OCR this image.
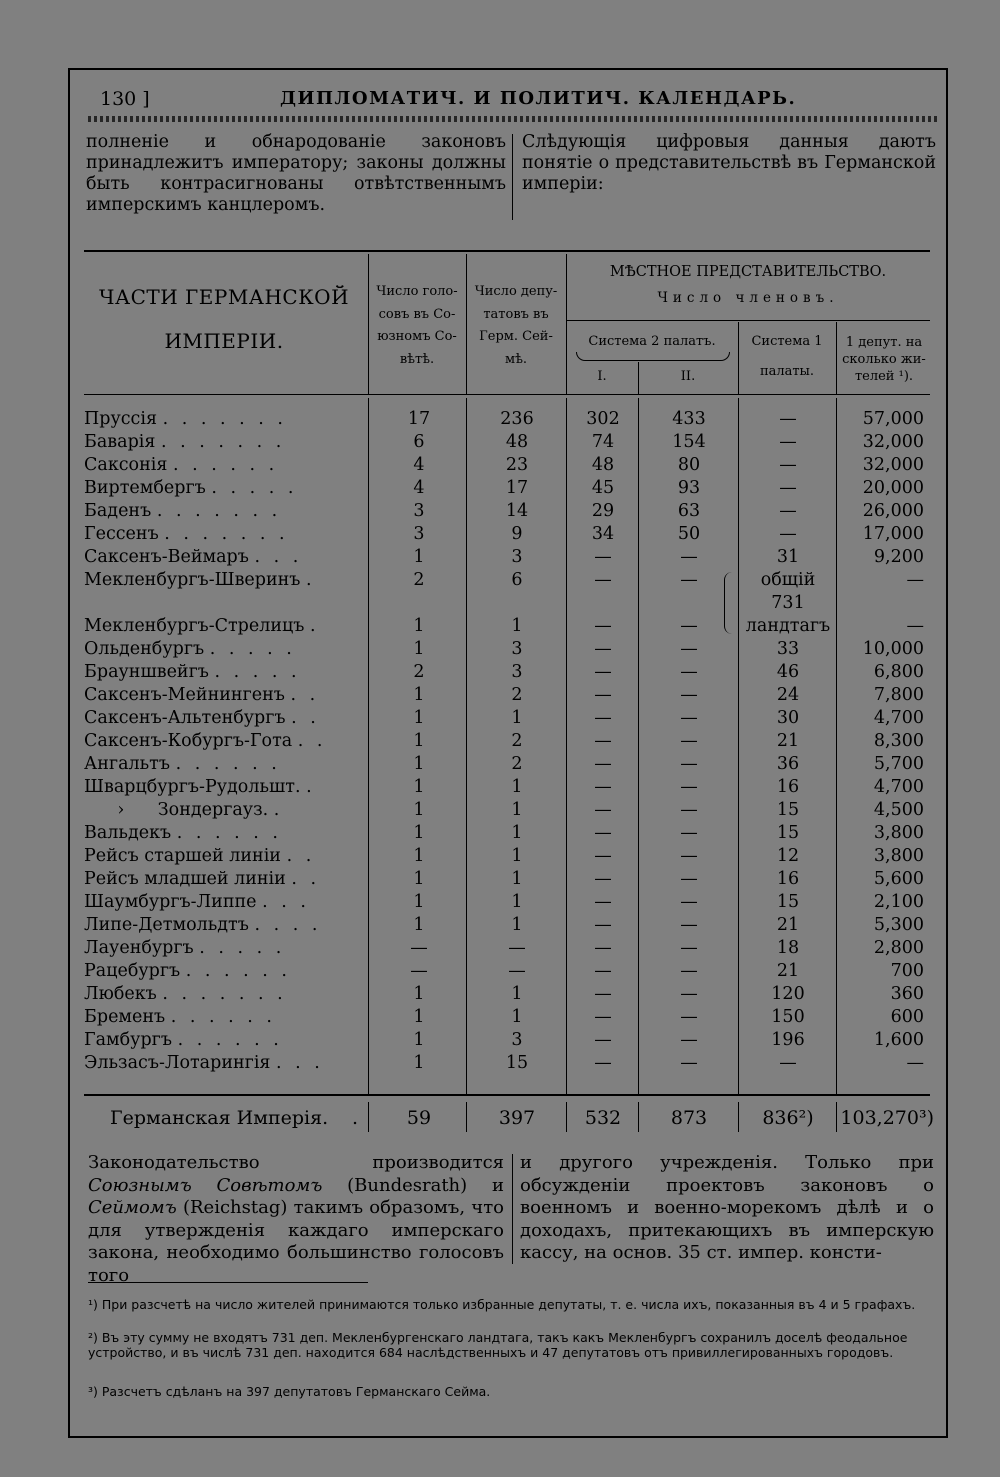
130 ]	ДИПЛОМАТИЧ. И ПОЛИТИЧ. КАЛЕНДАРЬ.
полненіе и обнародованіе законовъ принадлежитъ императору; законы должны быть контрасигнованы отвѣтственнымъ имперскимъ канцлеромъ.
Слѣдующія цифровыя данныя даютъ понятіе о представительствѣ въ Германской имперіи:
ЧАСТИ ГЕРМАНСКОЙ
ИМПЕРІИ.
Число голо-
совъ въ Со-
юзномъ Со-
вѣтѣ.
Число депу-
татовъ въ
Герм. Сей-
мѣ.
МѢСТНОЕ ПРЕДСТАВИТЕЛЬСТВО.
Число членовъ.
Система 2 палатъ.
I.	II.
Система 1
палаты.
1 депут. на
сколько жи-
телей ¹).
Пруссія . . . . . . .	17	236	302	433	—	57,000
Баварія . . . . . . .	6	48	74	154	—	32,000
Саксонія . . . . . .	4	23	48	80	—	32,000
Виртембергъ . . . . .	4	17	45	93	—	20,000
Баденъ . . . . . . .	3	14	29	63	—	26,000
Гессенъ . . . . . . .	3	9	34	50	—	17,000
Саксенъ-Веймаръ . . .	1	3	—	—	31	9,200
Мекленбургъ-Шверинъ .	2	6	—	—	общій	—
731
Мекленбургъ-Стрелицъ .	1	1	—	—	ландтагъ	—
Ольденбургъ . . . . .	1	3	—	—	33	10,000
Брауншвейгъ . . . . .	2	3	—	—	46	6,800
Саксенъ-Мейнингенъ . .	1	2	—	—	24	7,800
Саксенъ-Альтенбургъ . .	1	1	—	—	30	4,700
Саксенъ-Кобургъ-Гота . .	1	2	—	—	21	8,300
Ангальтъ . . . . . .	1	2	—	—	36	5,700
Шварцбургъ-Рудольшт. .	1	1	—	—	16	4,700
›      Зондергауз. .	1	1	—	—	15	4,500
Вальдекъ . . . . . .	1	1	—	—	15	3,800
Рейсъ старшей линіи . .	1	1	—	—	12	3,800
Рейсъ младшей линіи . .	1	1	—	—	16	5,600
Шаумбургъ-Липпе . . .	1	1	—	—	15	2,100
Липе-Детмольдтъ . . . .	1	1	—	—	21	5,300
Лауенбургъ . . . . .	—	—	—	—	18	2,800
Рацебургъ . . . . . .	—	—	—	—	21	700
Любекъ . . . . . . .	1	1	—	—	120	360
Бременъ . . . . . .	1	1	—	—	150	600
Гамбургъ . . . . . .	1	3	—	—	196	1,600
Эльзасъ-Лотарингія . . .	1	15	—	—	—	—
Германская Имперія. .	59	397	532	873	836²)	103,270³)
Законодательство производится Союзнымъ Совѣтомъ (Bundesrath) и Сеймомъ (Reichstag) такимъ образомъ, что для утвержденія каждаго имперскаго закона, необходимо большинство голосовъ того
и другого учрежденія. Только при обсужденіи проектовъ законовъ о военномъ и военно-морекомъ дѣлѣ и о доходахъ, притекающихъ въ имперскую кассу, на основ. 35 ст. импер. консти-
¹) При разсчетѣ на число жителей принимаются только избранные депутаты, т. е. числа ихъ, показанныя въ 4 и 5 графахъ.
²) Въ эту сумму не входятъ 731 деп. Мекленбургенскаго ландтага, такъ какъ Мекленбургъ сохранилъ доселѣ феодальное устройство, и въ числѣ 731 деп. находится 684 наслѣдственныхъ и 47 депутатовъ отъ привиллегированныхъ городовъ.
³) Разсчетъ сдѣланъ на 397 депутатовъ Германскаго Сейма.
